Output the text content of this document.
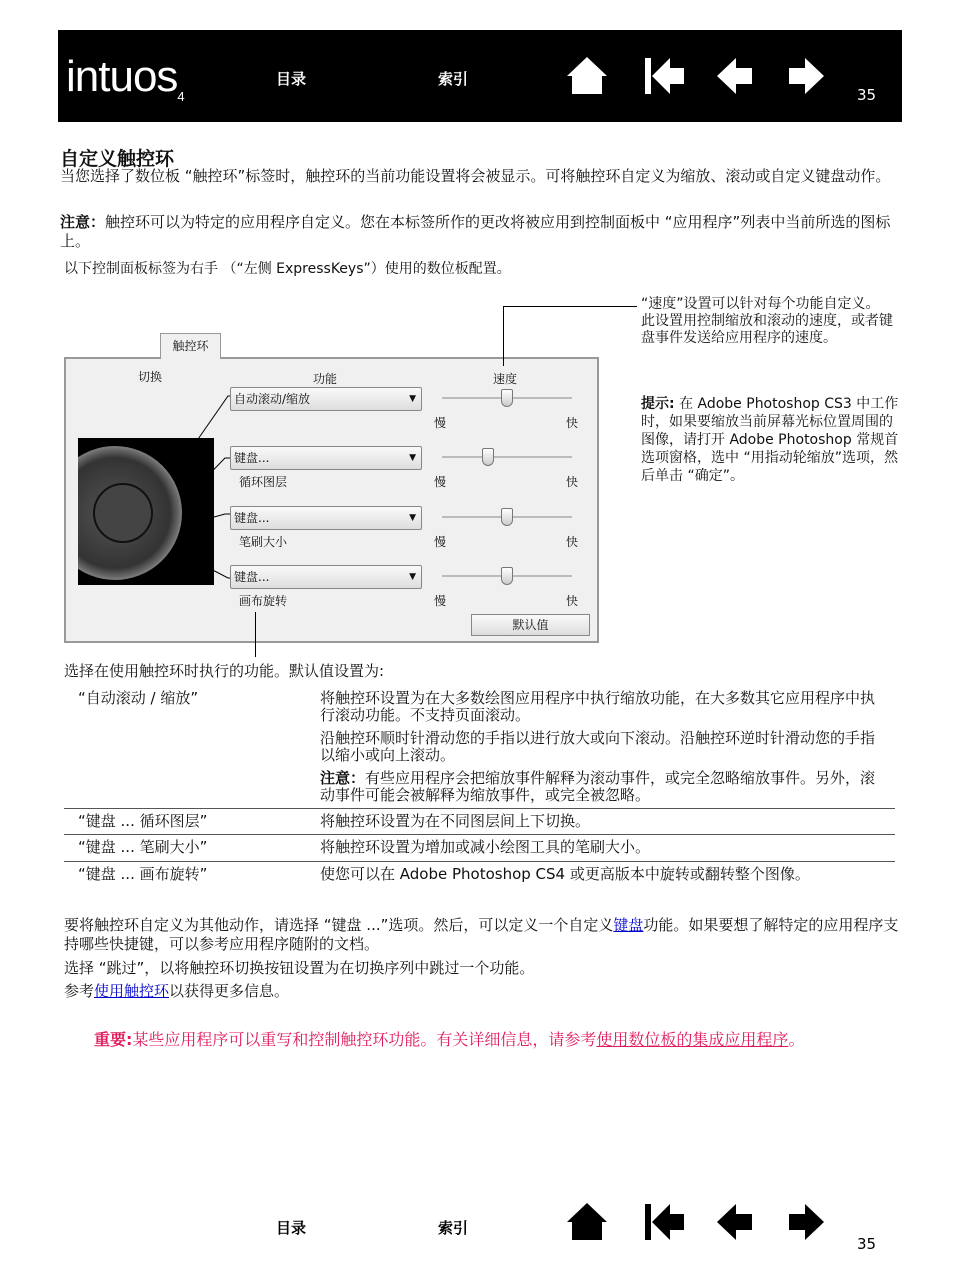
intuos$_4$
目录	索引
35
自定义触控环
当您选择了数位板 “触控环”标签时，触控环的当前功能设置将会被显示。可将触控环自定义为缩放、滚动或自定义键盘动作。
注意：触控环可以为特定的应用程序自定义。您在本标签所作的更改将被应用到控制面板中 “应用程序”列表中当前所选的图标上。
以下控制面板标签为右手 （“左侧 ExpressKeys”）使用的数位板配置。
触控环
切换	功能	速度
自动滚动/缩放 ▼
键盘... ▼
键盘... ▼
键盘... ▼
循环图层
笔刷大小
画布旋转
慢	快
慢	快
慢	快
慢	快
默认值
“速度”设置可以针对每个功能自定义。
此设置用控制缩放和滚动的速度，或者键盘事件发送给应用程序的速度。
提示: 在 Adobe Photoshop CS3 中工作时，如果要缩放当前屏幕光标位置周围的图像，请打开 Adobe Photoshop 常规首选项窗格，选中 “用指动轮缩放”选项，然后单击 “确定”。
选择在使用触控环时执行的功能。默认值设置为:
“自动滚动 / 缩放”	将触控环设置为在大多数绘图应用程序中执行缩放功能，在大多数其它应用程序中执行滚动功能。不支持页面滚动。
沿触控环顺时针滑动您的手指以进行放大或向下滚动。沿触控环逆时针滑动您的手指以缩小或向上滚动。
注意：有些应用程序会把缩放事件解释为滚动事件，或完全忽略缩放事件。另外，滚动事件可能会被解释为缩放事件，或完全被忽略。
“键盘 ... 循环图层”	将触控环设置为在不同图层间上下切换。
“键盘 ... 笔刷大小”	将触控环设置为增加或减小绘图工具的笔刷大小。
“键盘 ... 画布旋转”	使您可以在 Adobe Photoshop CS4 或更高版本中旋转或翻转整个图像。
要将触控环自定义为其他动作，请选择 “键盘 ...”选项。然后，可以定义一个自定义键盘功能。如果要想了解特定的应用程序支持哪些快捷键，可以参考应用程序随附的文档。
选择 “跳过”，以将触控环切换按钮设置为在切换序列中跳过一个功能。
参考使用触控环以获得更多信息。
重要:某些应用程序可以重写和控制触控环功能。有关详细信息，请参考使用数位板的集成应用程序。
目录	索引
35
